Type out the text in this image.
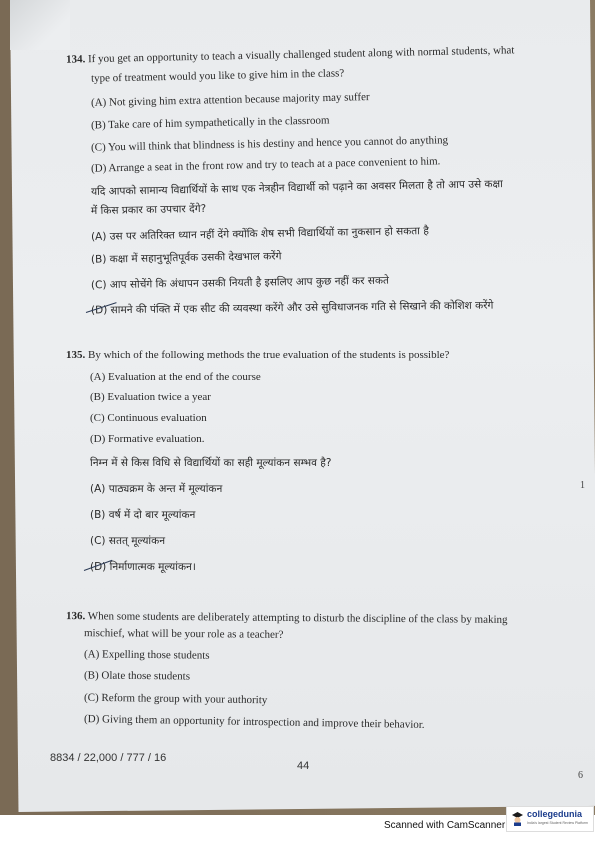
134. If you get an opportunity to teach a visually challenged student along with normal students, what
type of treatment would you like to give him in the class?
(A) Not giving him extra attention because majority may suffer
(B) Take care of him sympathetically in the classroom
(C) You will think that blindness is his destiny and hence you cannot do anything
(D) Arrange a seat in the front row and try to teach at a pace convenient to him.
यदि आपको सामान्य विद्यार्थियों के साथ एक नेत्रहीन विद्यार्थी को पढ़ाने का अवसर मिलता है तो आप उसे कक्षा
में किस प्रकार का उपचार देंगे?
(A) उस पर अतिरिक्त ध्यान नहीं देंगे क्योंकि शेष सभी विद्यार्थियों का नुकसान हो सकता है
(B) कक्षा में सहानुभूतिपूर्वक उसकी देखभाल करेंगे
(C) आप सोचेंगे कि अंधापन उसकी नियती है इसलिए आप कुछ नहीं कर सकते
(D) सामने की पंक्ति में एक सीट की व्यवस्था करेंगे और उसे सुविधाजनक गति से सिखाने की कोशिश करेंगे
135. By which of the following methods the true evaluation of the students is possible?
(A) Evaluation at the end of the course
(B) Evaluation twice a year
(C) Continuous evaluation
(D) Formative evaluation.
निम्न में से किस विधि से विद्यार्थियों का सही मूल्यांकन सम्भव है?
(A) पाठ्यक्रम के अन्त में मूल्यांकन
(B) वर्ष में दो बार मूल्यांकन
(C) सतत् मूल्यांकन
(D) निर्माणात्मक मूल्यांकन।
136. When some students are deliberately attempting to disturb the discipline of the class by making
mischief, what will be your role as a teacher?
(A) Expelling those students
(B) Olate those students
(C) Reform the group with your authority
(D) Giving them an opportunity for introspection and improve their behavior.
8834 / 22,000 / 777 / 16
44
1
6
Scanned with CamScanner
collegedunia
India's largest Student Review Platform
